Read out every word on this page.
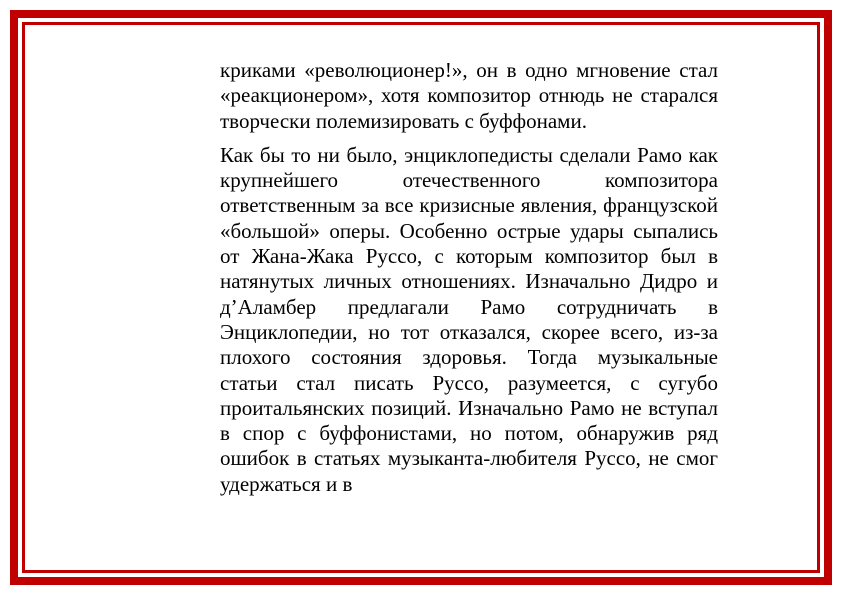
криками «революционер!», он в одно мгновение стал «реакционером», хотя композитор отнюдь не старался творчески полемизировать с буффонами.

Как бы то ни было, энциклопедисты сделали Рамо как крупнейшего отечественного композитора ответственным за все кризисные явления, французской «большой» оперы. Особенно острые удары сыпались от Жана-Жака Руссо, с которым композитор был в натянутых личных отношениях. Изначально Дидро и д’Аламбер предлагали Рамо сотрудничать в Энциклопедии, но тот отказался, скорее всего, из-за плохого состояния здоровья. Тогда музыкальные статьи стал писать Руссо, разумеется, с сугубо проитальянских позиций. Изначально Рамо не вступал в спор с буффонистами, но потом, обнаружив ряд ошибок в статьях музыканта-любителя Руссо, не смог удержаться и в
